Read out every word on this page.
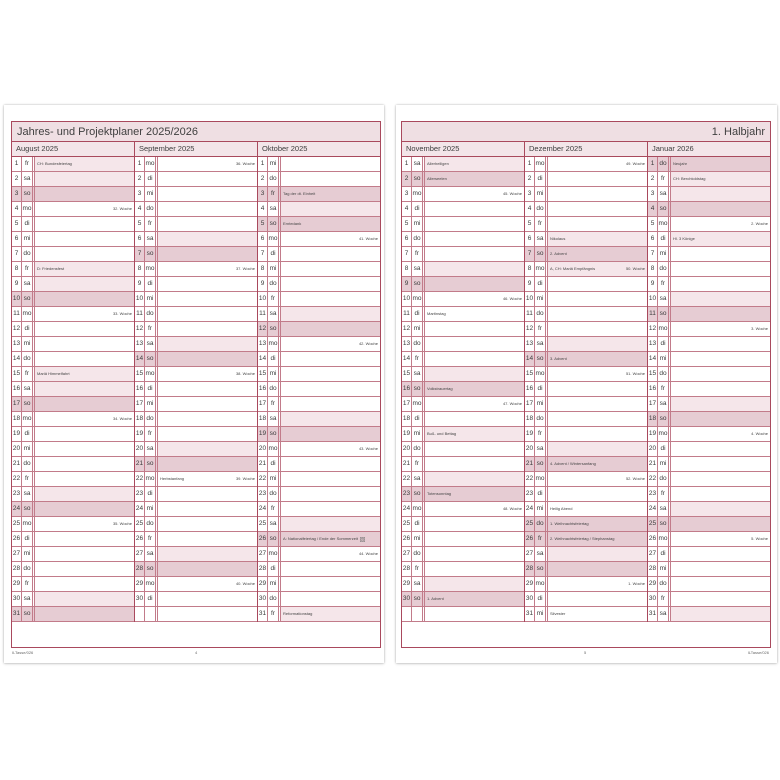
Jahres- und Projektplaner 2025/2026
August 2025
1	fr	CH: Bundesfeiertag
2 sa
3 so
4 mo	32. Woche
5 di
6 mi
7 do
8	fr	D: Friedensfest
9 sa
10 so
11 mo	33. Woche
12 di
13 mi
14 do
15 fr	Mariä Himmelfahrt
16 sa
17 so
18 mo	34. Woche
19 di
20 mi
21 do
22 fr
23 sa
24 so
25 mo	35. Woche
26 di
27 mi
28 do
29 fr
30 sa
31 so
September 2025
1 mo	36. Woche
2 di
3 mi
4 do
5	fr
6 sa
7 so
8 mo	37. Woche
9 di
10 mi
11 do
12 fr
13 sa
14 so
15 mo	38. Woche
16 di
17 mi
18 do
19 fr
20 sa
21 so
22 mo	Herbstanfang	39. Woche
23 di
24 mi
25 do
26 fr
27 sa
28 so
29 mo	40. Woche
30 di
Oktober 2025
1 mi
2 do
3	fr	Tag der dt. Einheit
4 sa
5 so	Erntedank
6 mo	41. Woche
7 di
8 mi
9 do
10 fr
11 sa
12 so
13 mo	42. Woche
14 di
15 mi
16 do
17 fr
18 sa
19 so
20 mo	43. Woche
21 di
22 mi
23 do
24 fr
25 sa
26 so	A: Nationalfeiertag / Ende der Sommerzeit
27 mo	44. Woche
28 di
29 mi
30 do
31 fr	Reformationstag
ILTasse/026	4
1. Halbjahr
November 2025
1 sa	Allerheiligen
2 so	Allerseelen
3 mo	45. Woche
4 di
5 mi
6 do
7	fr
8 sa
9 so
10 mo	46. Woche
11 di	Martinstag
12 mi
13 do
14 fr
15 sa
16 so	Volkstrauertag
17 mo	47. Woche
18 di
19 mi	Buß- und Bettag
20 do
21 fr
22 sa
23 so	Totensonntag
24 mo	48. Woche
25 di
26 mi
27 do
28 fr
29 sa
30 so	1. Advent
Dezember 2025
1 mo	49. Woche
2 di
3 mi
4 do
5	fr
6 sa	Nikolaus
7 so	2. Advent
8 mo	A, CH: Mariä Empfängnis	50. Woche
9 di
10 mi
11 do
12 fr
13 sa
14 so	3. Advent
15 mo	51. Woche
16 di
17 mi
18 do
19 fr
20 sa
21 so	4. Advent / Wintersanfang
22 mo	52. Woche
23 di
24 mi	Heilig Abend
25 do	1. Weihnachtsfeiertag
26 fr	2. Weihnachtsfeiertag / Stephanstag
27 sa
28 so
29 mo	1. Woche
30 di
31 mi	Silvester
Januar 2026
1 do	Neujahr
2	fr	CH: Berchtoldstag
3 sa
4 so
5 mo	2. Woche
6 di	Hl. 3 Könige
7 mi
8 do
9	fr
10 sa
11 so
12 mo	3. Woche
13 di
14 mi
15 do
16 fr
17 sa
18 so
19 mo	4. Woche
20 di
21 mi
22 do
23 fr
24 sa
25 so
26 mo	5. Woche
27 di
28 mi
29 do
30 fr
31 sa
5	ILTasse/026
